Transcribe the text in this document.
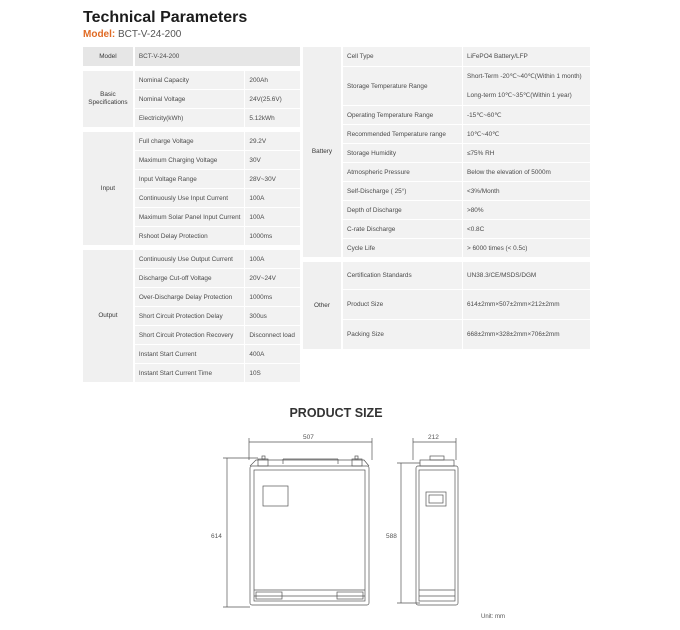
Technical Parameters
Model: BCT-V-24-200
Model	BCT-V-24-200	
Basic Specifications	Nominal Capacity	200Ah
	Nominal Voltage	24V(25.6V)
	Electricity(kWh)	5.12kWh
Input	Full charge Voltage	29.2V
	Maximum Charging Voltage	30V
	Input Voltage Range	28V~30V
	Continuously Use Input Current	100A
	Maximum Solar Panel Input Current	100A
	Rshoot Delay Protection	1000ms
Output	Continuously Use Output Current	100A
	Discharge Cut-off Voltage	20V~24V
	Over-Discharge Delay Protection	1000ms
	Short Circuit Protection Delay	300us
	Short Circuit Protection Recovery	Disconnect load
	Instant Start Current	400A
	Instant Start Current Time	10S
Battery	Cell Type	LiFePO4 Battery/LFP
	Storage Temperature Range	Short-Term -20℃~40℃(Within 1 month)
Long-term 10℃~35℃(Within 1 year)

	Operating Temperature Range	-15℃~60℃
	Recommended Temperature range	10℃~40℃
	Storage Humidity	≤75% RH
	Atmospheric Pressure	Below the elevation of 5000m
	Self-Discharge ( 25°)	<3%/Month
	Depth of Discharge	>80%
	C-rate Discharge	<0.8C
	Cycle Life	> 6000 times (< 0.5c)
Other	Certification Standards	UN38.3/CE/MSDS/DGM
	Product Size	614±2mm×507±2mm×212±2mm
	Packing Size	668±2mm×328±2mm×706±2mm
PRODUCT SIZE
507
614
212
588
Unit: mm
